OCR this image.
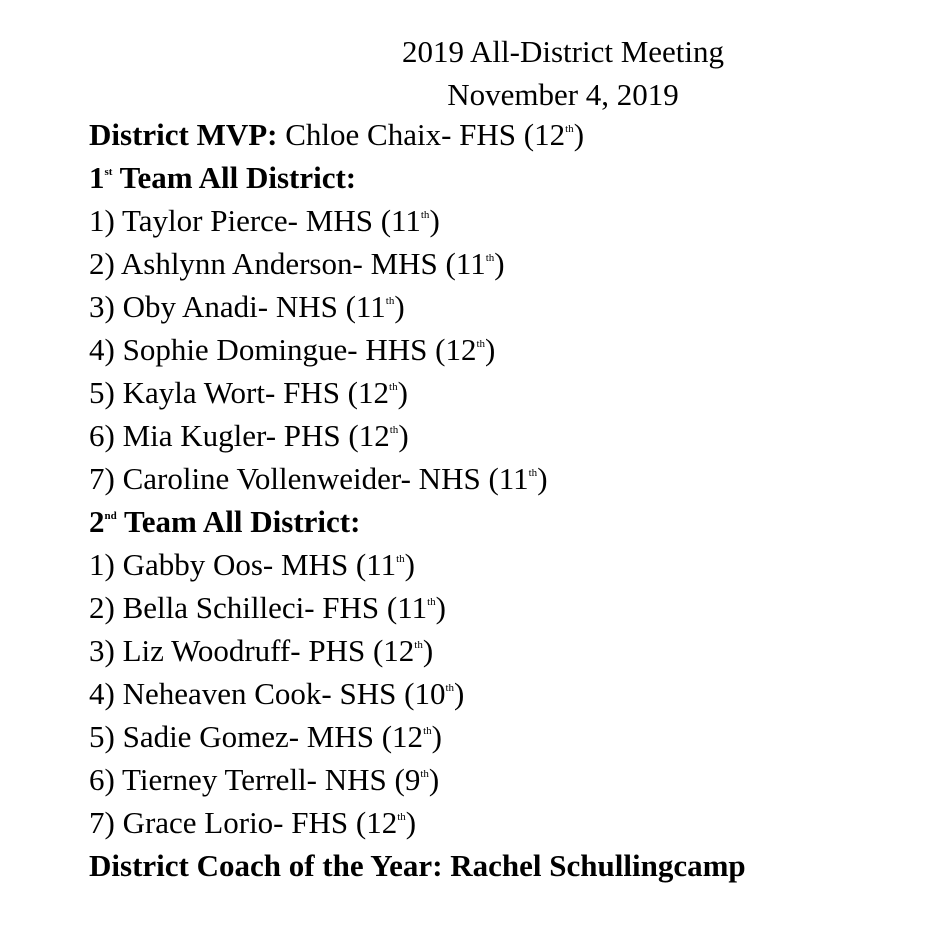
2019 All-District Meeting
November 4, 2019
District MVP: Chloe Chaix- FHS (12th)
1st Team All District:
1) Taylor Pierce- MHS (11th)
2) Ashlynn Anderson- MHS (11th)
3) Oby Anadi- NHS (11th)
4) Sophie Domingue- HHS (12th)
5) Kayla Wort- FHS (12th)
6) Mia Kugler- PHS (12th)
7) Caroline Vollenweider- NHS (11th)
2nd Team All District:
1) Gabby Oos- MHS (11th)
2) Bella Schilleci- FHS (11th)
3) Liz Woodruff- PHS (12th)
4) Neheaven Cook- SHS (10th)
5) Sadie Gomez- MHS (12th)
6) Tierney Terrell- NHS (9th)
7) Grace Lorio- FHS (12th)
District Coach of the Year: Rachel Schullingcamp
